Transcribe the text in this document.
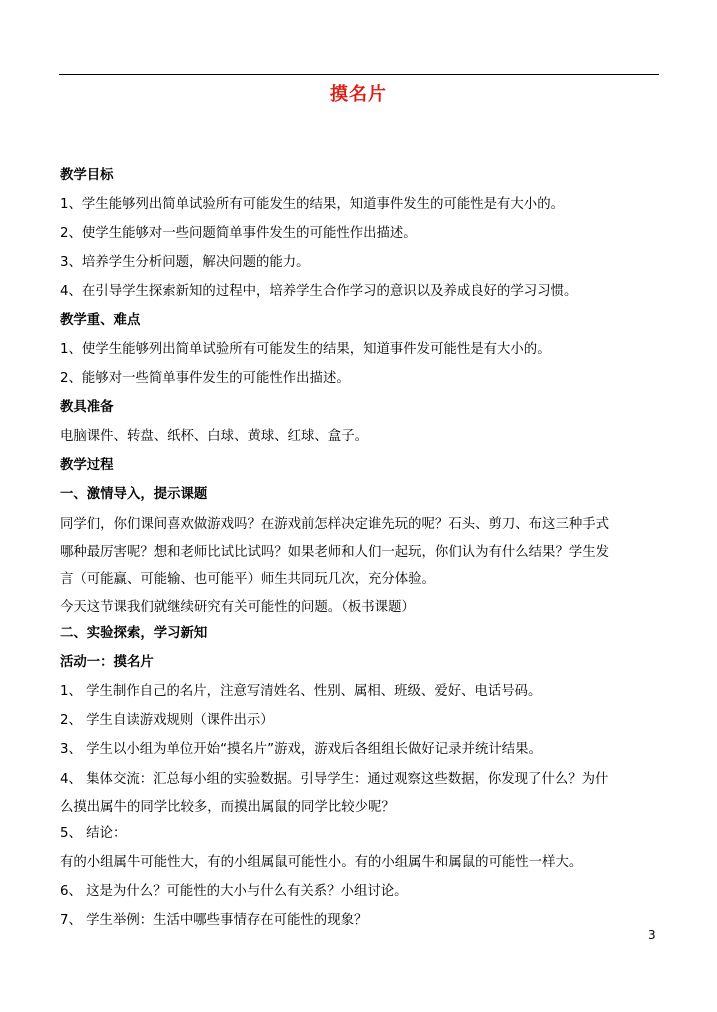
摸名片
教学目标
1、学生能够列出简单试验所有可能发生的结果，知道事件发生的可能性是有大小的。
2、使学生能够对一些问题简单事件发生的可能性作出描述。
3、培养学生分析问题，解决问题的能力。
4、在引导学生探索新知的过程中，培养学生合作学习的意识以及养成良好的学习习惯。
教学重、难点
1、使学生能够列出简单试验所有可能发生的结果，知道事件发可能性是有大小的。
2、能够对一些简单事件发生的可能性作出描述。
教具准备
电脑课件、转盘、纸杯、白球、黄球、红球、盒子。
教学过程
一、激情导入，提示课题
同学们，你们课间喜欢做游戏吗？在游戏前怎样决定谁先玩的呢？石头、剪刀、布这三种手式
哪种最厉害呢？想和老师比试比试吗？如果老师和人们一起玩，你们认为有什么结果？学生发
言（可能赢、可能输、也可能平）师生共同玩几次，充分体验。
今天这节课我们就继续研究有关可能性的问题。（板书课题）
二、实验探索，学习新知
活动一：摸名片
1、 学生制作自己的名片，注意写清姓名、性别、属相、班级、爱好、电话号码。
2、 学生自读游戏规则（课件出示）
3、 学生以小组为单位开始“摸名片”游戏，游戏后各组组长做好记录并统计结果。
4、 集体交流：汇总每小组的实验数据。引导学生：通过观察这些数据，你发现了什么？为什
么摸出属牛的同学比较多，而摸出属鼠的同学比较少呢？
5、 结论：
有的小组属牛可能性大，有的小组属鼠可能性小。有的小组属牛和属鼠的可能性一样大。
6、 这是为什么？可能性的大小与什么有关系？小组讨论。
7、 学生举例：生活中哪些事情存在可能性的现象？
3
